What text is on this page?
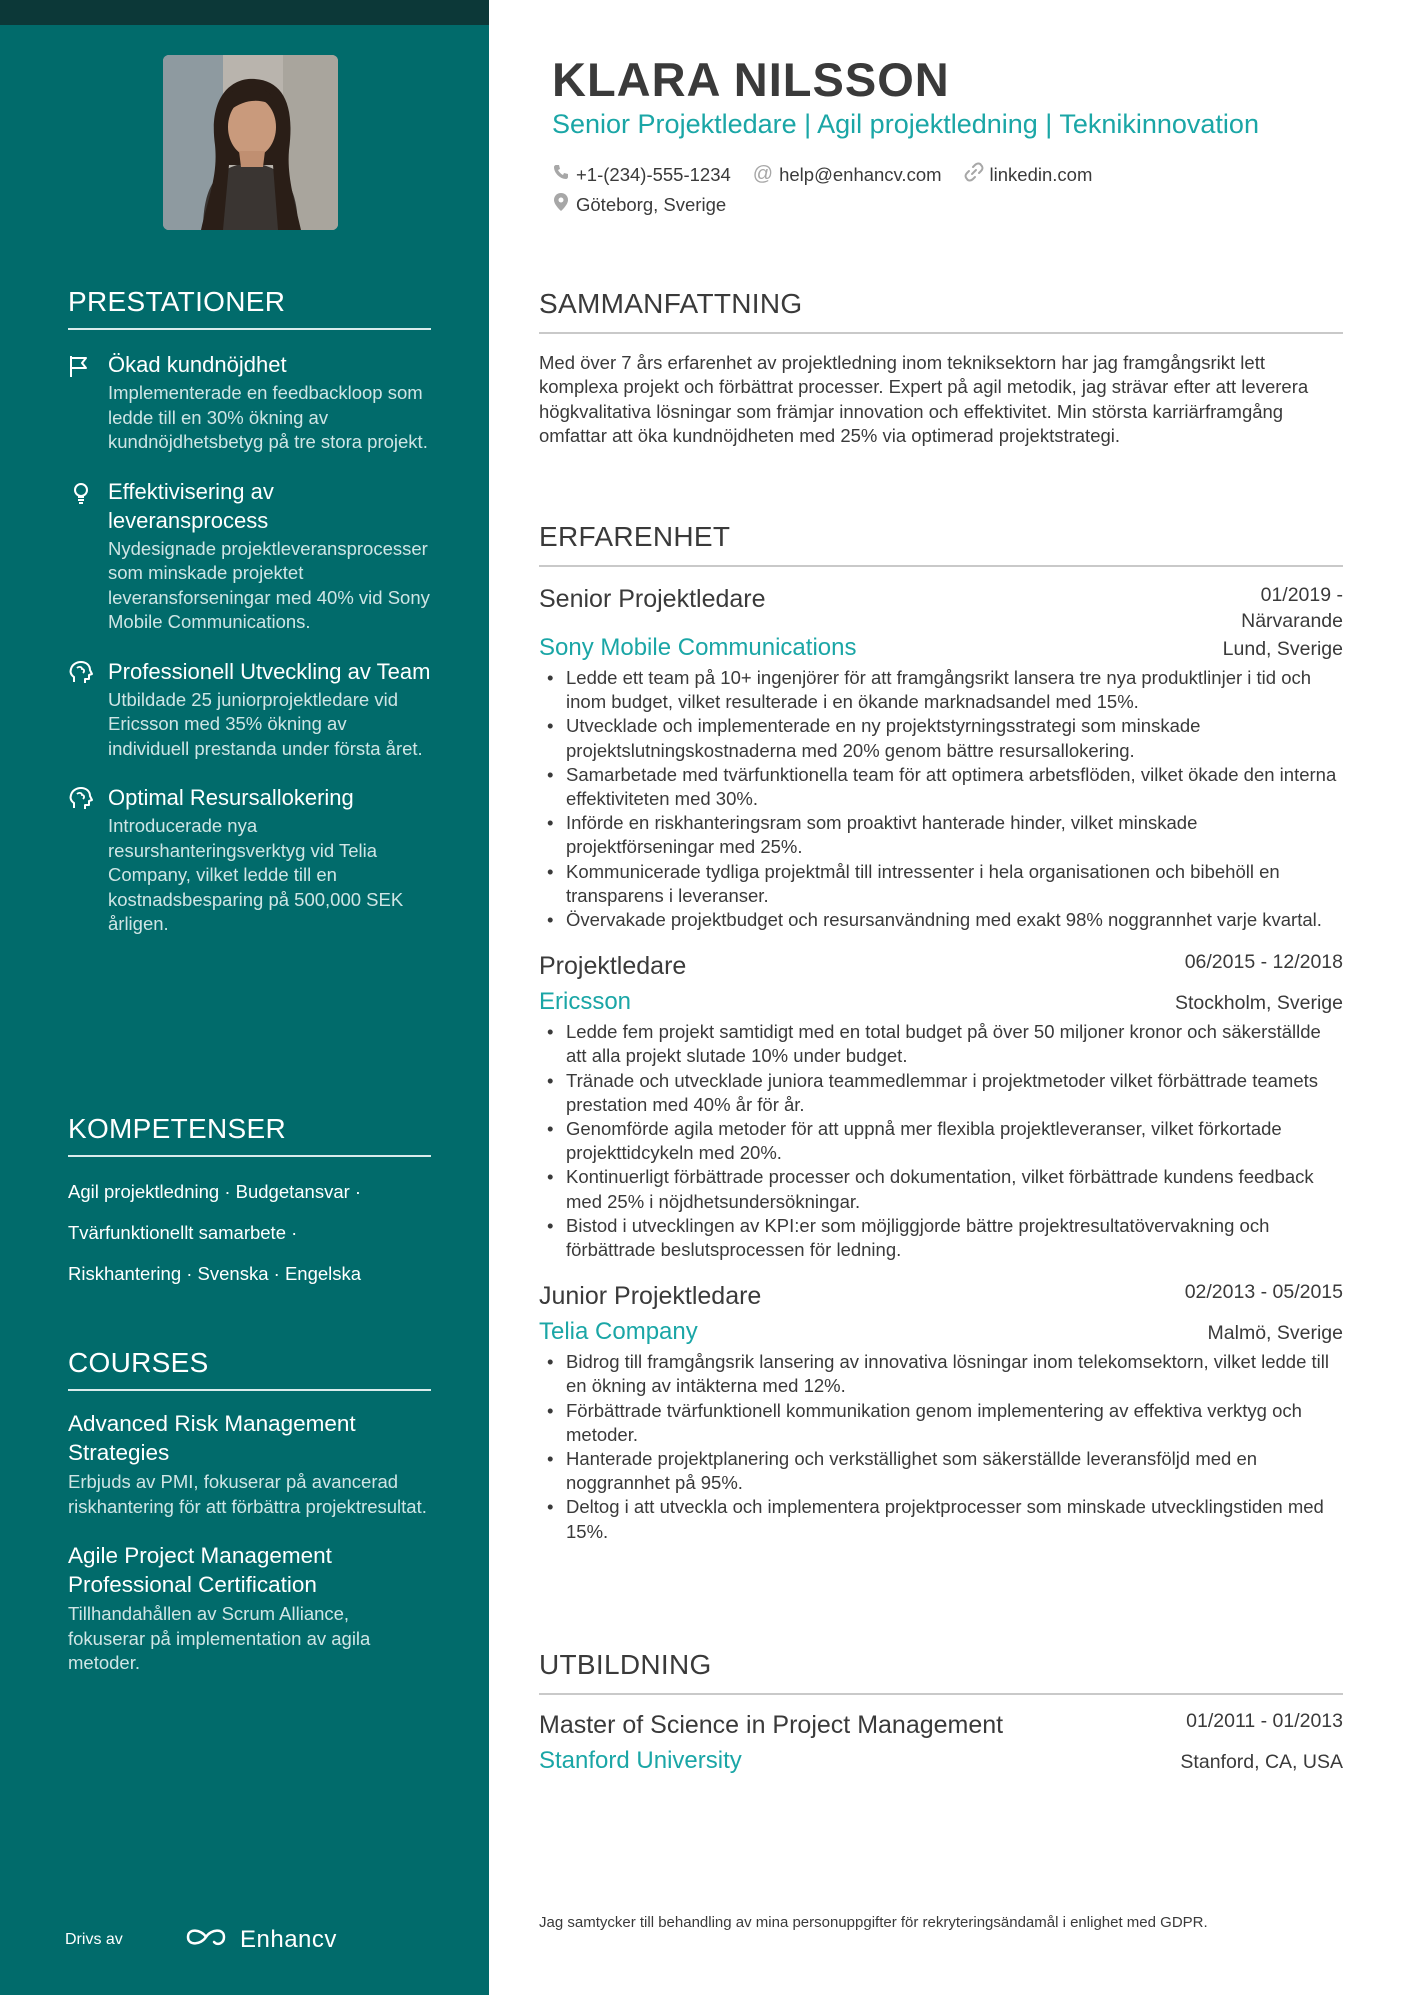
PRESTATIONER
Ökad kundnöjdhet
Implementerade en feedbackloop som ledde till en 30% ökning av kundnöjdhetsbetyg på tre stora projekt.
Effektivisering av leveransprocess
Nydesignade projektleveransprocesser som minskade projektet leveransforseningar med 40% vid Sony Mobile Communications.
Professionell Utveckling av Team
Utbildade 25 juniorprojektledare vid Ericsson med 35% ökning av individuell prestanda under första året.
Optimal Resursallokering
Introducerade nya resurshanteringsverktyg vid Telia Company, vilket ledde till en kostnadsbesparing på 500,000 SEK årligen.
KOMPETENSER
Agil projektledning · Budgetansvar ·
Tvärfunktionellt samarbete ·
Riskhantering · Svenska · Engelska
COURSES
Advanced Risk Management Strategies
Erbjuds av PMI, fokuserar på avancerad riskhantering för att förbättra projektresultat.
Agile Project Management Professional Certification
Tillhandahållen av Scrum Alliance, fokuserar på implementation av agila metoder.
Drivs av	Enhancv
KLARA NILSSON
Senior Projektledare | Agil projektledning | Teknikinnovation
+1-(234)-555-1234 @ help@enhancv.com	linkedin.com
Göteborg, Sverige
SAMMANFATTNING
Med över 7 års erfarenhet av projektledning inom tekniksektorn har jag framgångsrikt lett komplexa projekt och förbättrat processer. Expert på agil metodik, jag strävar efter att leverera högkvalitativa lösningar som främjar innovation och effektivitet. Min största karriärframgång omfattar att öka kundnöjdheten med 25% via optimerad projektstrategi.
ERFARENHET
Senior Projektledare	01/2019 -
Närvarande
Sony Mobile Communications	Lund, Sverige
• Ledde ett team på 10+ ingenjörer för att framgångsrikt lansera tre nya produktlinjer i tid och inom budget, vilket resulterade i en ökande marknadsandel med 15%.
• Utvecklade och implementerade en ny projektstyrningsstrategi som minskade projektslutningskostnaderna med 20% genom bättre resursallokering.
• Samarbetade med tvärfunktionella team för att optimera arbetsflöden, vilket ökade den interna effektiviteten med 30%.
• Införde en riskhanteringsram som proaktivt hanterade hinder, vilket minskade projektförseningar med 25%.
• Kommunicerade tydliga projektmål till intressenter i hela organisationen och bibehöll en transparens i leveranser.
• Övervakade projektbudget och resursanvändning med exakt 98% noggrannhet varje kvartal.
Projektledare	06/2015 - 12/2018
Ericsson	Stockholm, Sverige
• Ledde fem projekt samtidigt med en total budget på över 50 miljoner kronor och säkerställde att alla projekt slutade 10% under budget.
• Tränade och utvecklade juniora teammedlemmar i projektmetoder vilket förbättrade teamets prestation med 40% år för år.
• Genomförde agila metoder för att uppnå mer flexibla projektleveranser, vilket förkortade projekttidcykeln med 20%.
• Kontinuerligt förbättrade processer och dokumentation, vilket förbättrade kundens feedback med 25% i nöjdhetsundersökningar.
• Bistod i utvecklingen av KPI:er som möjliggjorde bättre projektresultatövervakning och förbättrade beslutsprocessen för ledning.
Junior Projektledare	02/2013 - 05/2015
Telia Company	Malmö, Sverige
• Bidrog till framgångsrik lansering av innovativa lösningar inom telekomsektorn, vilket ledde till en ökning av intäkterna med 12%.
• Förbättrade tvärfunktionell kommunikation genom implementering av effektiva verktyg och metoder.
• Hanterade projektplanering och verkställighet som säkerställde leveransföljd med en noggrannhet på 95%.
• Deltog i att utveckla och implementera projektprocesser som minskade utvecklingstiden med 15%.
UTBILDNING
Master of Science in Project Management	01/2011 - 01/2013
Stanford University	Stanford, CA, USA
Jag samtycker till behandling av mina personuppgifter för rekryteringsändamål i enlighet med GDPR.
